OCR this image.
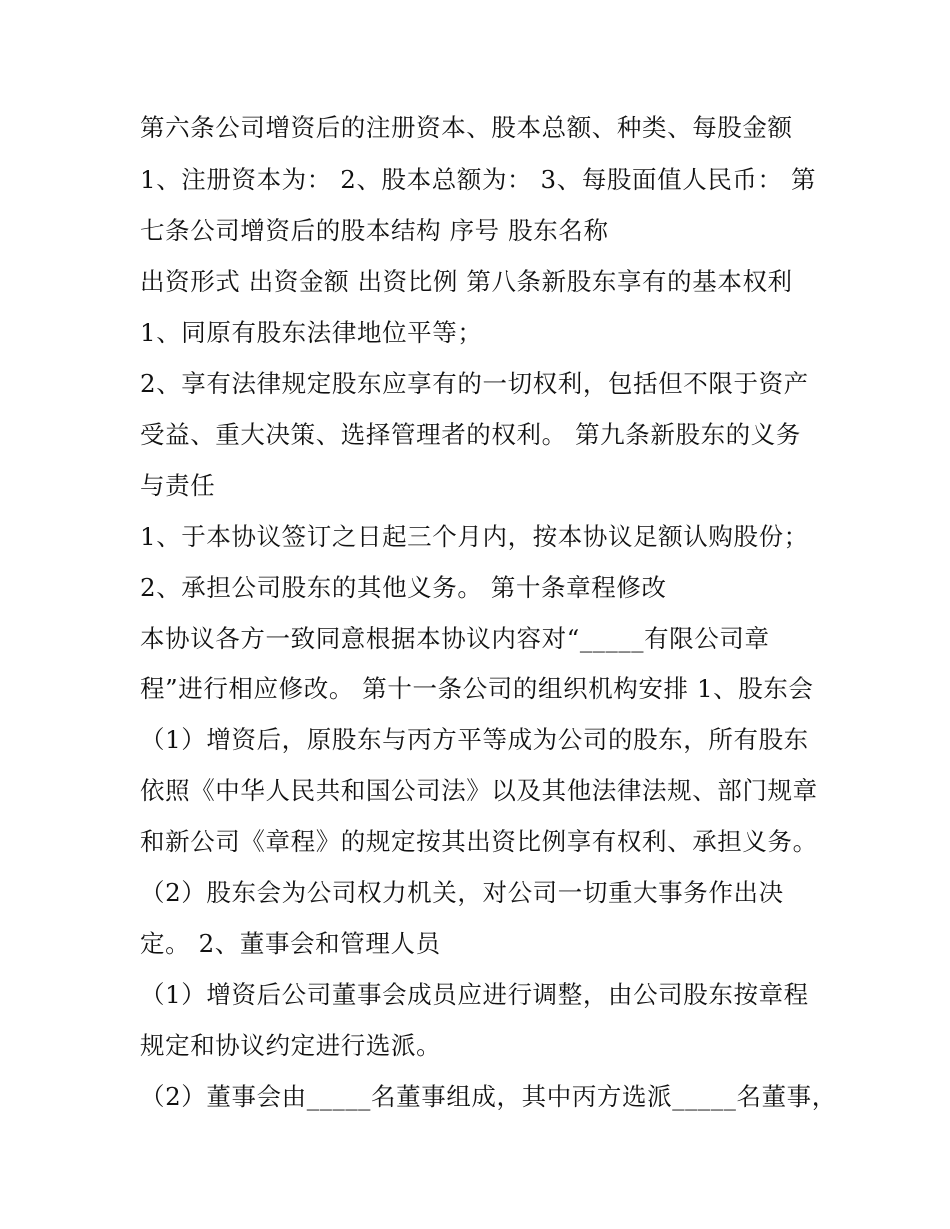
第六条公司增资后的注册资本、股本总额、种类、每股金额
1、注册资本为： 2、股本总额为： 3、每股面值人民币： 第
七条公司增资后的股本结构 序号 股东名称
出资形式 出资金额 出资比例 第八条新股东享有的基本权利
1、同原有股东法律地位平等；
2、享有法律规定股东应享有的一切权利，包括但不限于资产
受益、重大决策、选择管理者的权利。 第九条新股东的义务
与责任
1、于本协议签订之日起三个月内，按本协议足额认购股份；
2、承担公司股东的其他义务。 第十条章程修改
本协议各方一致同意根据本协议内容对“_____有限公司章
程”进行相应修改。 第十一条公司的组织机构安排 1、股东会
（1）增资后，原股东与丙方平等成为公司的股东，所有股东
依照《中华人民共和国公司法》以及其他法律法规、部门规章
和新公司《章程》的规定按其出资比例享有权利、承担义务。
（2）股东会为公司权力机关，对公司一切重大事务作出决
定。 2、董事会和管理人员
（1）增资后公司董事会成员应进行调整，由公司股东按章程
规定和协议约定进行选派。
（2）董事会由_____名董事组成，其中丙方选派_____名董事，
